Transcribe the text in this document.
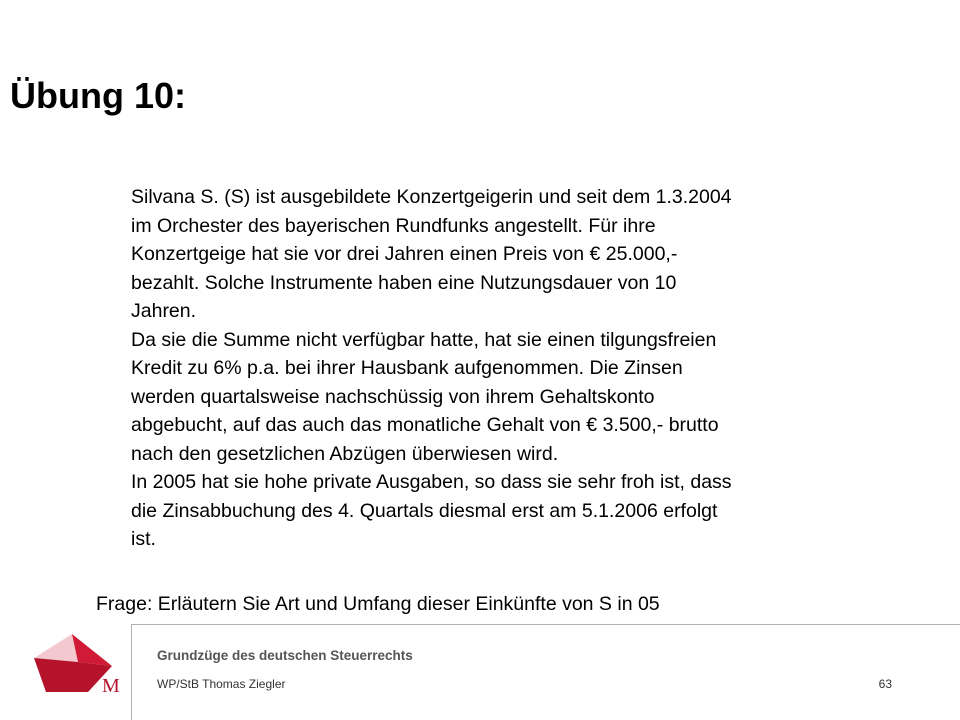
Übung 10:

Silvana S. (S) ist ausgebildete Konzertgeigerin und seit dem 1.3.2004

im Orchester des bayerischen Rundfunks angestellt. Für ihre

Konzertgeige hat sie vor drei Jahren einen Preis von € 25.000,-

bezahlt. Solche Instrumente haben eine Nutzungsdauer von 10

Jahren.

Da sie die Summe nicht verfügbar hatte, hat sie einen tilgungsfreien

Kredit zu 6% p.a. bei ihrer Hausbank aufgenommen. Die Zinsen

werden quartalsweise nachschüssig von ihrem Gehaltskonto

abgebucht, auf das auch das monatliche Gehalt von € 3.500,- brutto

nach den gesetzlichen Abzügen überwiesen wird.

In 2005 hat sie hohe private Ausgaben, so dass sie sehr froh ist, dass

die Zinsabbuchung des 4. Quartals diesmal erst am 5.1.2006 erfolgt

ist.

Frage: Erläutern Sie Art und Umfang dieser Einkünfte von S in 05
M
Grundzüge des deutschen Steuerrechts
WP/StB Thomas Ziegler	63
